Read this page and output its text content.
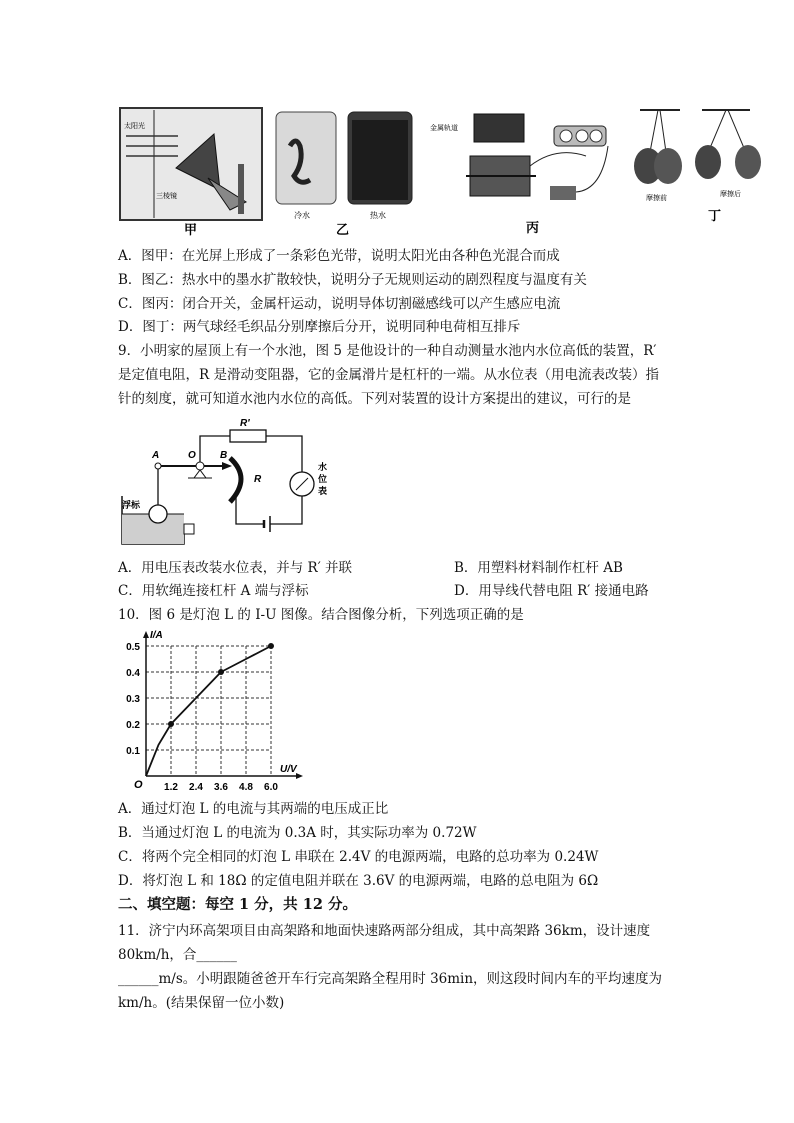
甲
太阳光
三棱镜
冷水	热水
乙
金属轨道
丙
摩擦前
摩擦后
丁
A．图甲：在光屏上形成了一条彩色光带，说明太阳光由各种色光混合而成
B．图乙：热水中的墨水扩散较快，说明分子无规则运动的剧烈程度与温度有关
C．图丙：闭合开关，金属杆运动，说明导体切割磁感线可以产生感应电流
D．图丁：两气球经毛织品分别摩擦后分开，说明同种电荷相互排斥
9．小明家的屋顶上有一个水池，图 5 是他设计的一种自动测量水池内水位高低的装置，R′
是定值电阻，R 是滑动变阻器，它的金属滑片是杠杆的一端。从水位表（用电流表改装）指
针的刻度，就可知道水池内水位的高低。下列对装置的设计方案提出的建议，可行的是
R′
水
位
表
R
A	O B
浮标
A．用电压表改装水位表，并与 R′ 并联	B．用塑料材料制作杠杆 AB
C．用软绳连接杠杆 A 端与浮标	D．用导线代替电阻 R′ 接通电路
10．图 6 是灯泡 L 的 I-U 图像。结合图像分析，下列选项正确的是
1.2 2.4 3.6 4.8 6.0
0.1
0.2
0.3
0.4
0.5
O
I/A
U/V
A．通过灯泡 L 的电流与其两端的电压成正比
B．当通过灯泡 L 的电流为 0.3A 时，其实际功率为 0.72W
C．将两个完全相同的灯泡 L 串联在 2.4V 的电源两端，电路的总功率为 0.24W
D．将灯泡 L 和 18Ω 的定值电阻并联在 3.6V 的电源两端，电路的总电阻为 6Ω
二、填空题：每空 1 分，共 12 分。
11．济宁内环高架项目由高架路和地面快速路两部分组成，其中高架路 36km，设计速度
80km/h，合______
______m/s。小明跟随爸爸开车行完高架路全程用时 36min，则这段时间内车的平均速度为
km/h。(结果保留一位小数)
